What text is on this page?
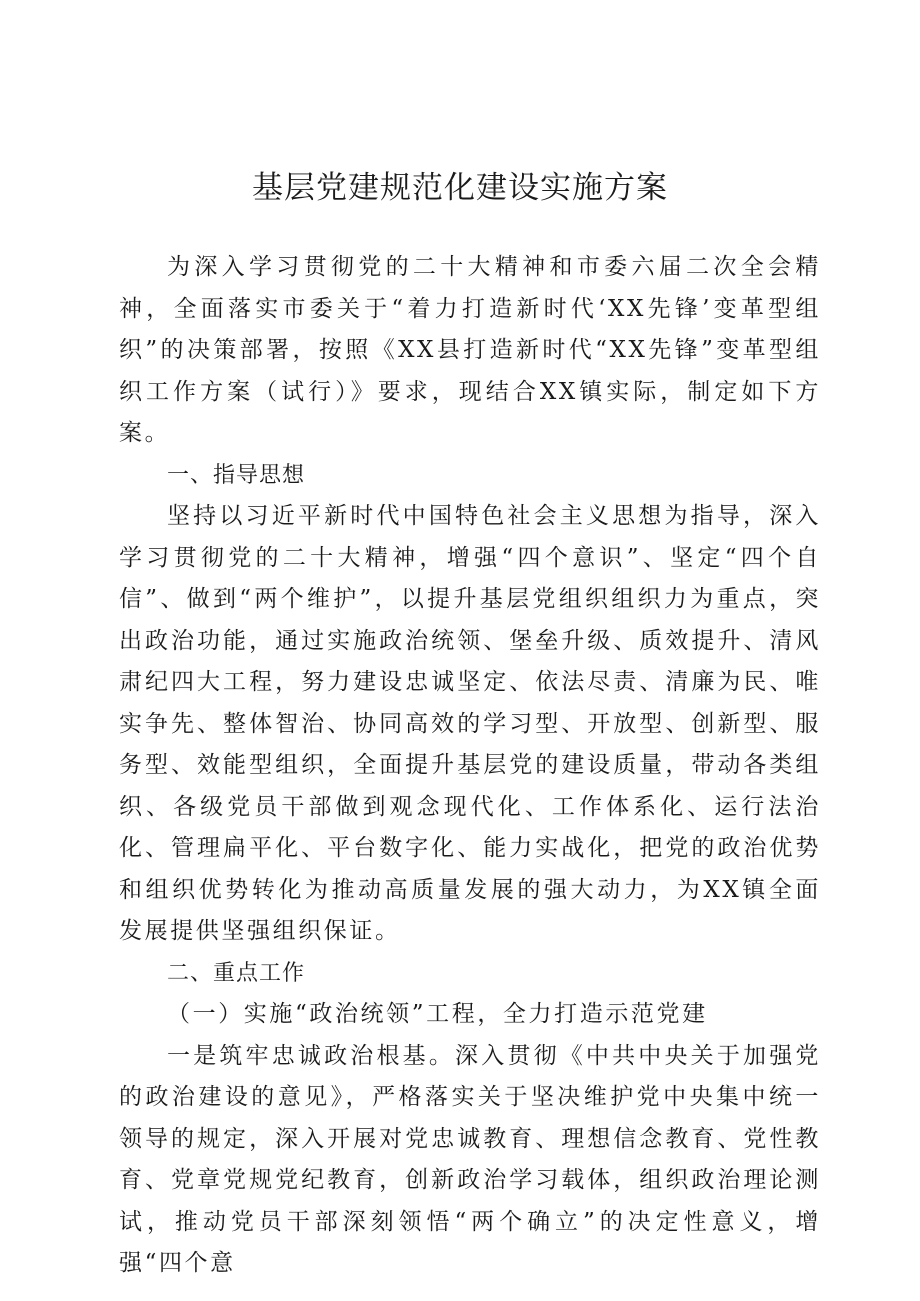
基层党建规范化建设实施方案

为深入学习贯彻党的二十大精神和市委六届二次全会精神，全面落实市委关于“着力打造新时代‘XX先锋’变革型组织”的决策部署，按照《XX县打造新时代“XX先锋”变革型组织工作方案（试行）》要求，现结合XX镇实际，制定如下方案。

一、指导思想

坚持以习近平新时代中国特色社会主义思想为指导，深入学习贯彻党的二十大精神，增强“四个意识”、坚定“四个自信”、做到“两个维护”，以提升基层党组织组织力为重点，突出政治功能，通过实施政治统领、堡垒升级、质效提升、清风肃纪四大工程，努力建设忠诚坚定、依法尽责、清廉为民、唯实争先、整体智治、协同高效的学习型、开放型、创新型、服务型、效能型组织，全面提升基层党的建设质量，带动各类组织、各级党员干部做到观念现代化、工作体系化、运行法治化、管理扁平化、平台数字化、能力实战化，把党的政治优势和组织优势转化为推动高质量发展的强大动力，为XX镇全面发展提供坚强组织保证。

二、重点工作

（一）实施“政治统领”工程，全力打造示范党建

一是筑牢忠诚政治根基。深入贯彻《中共中央关于加强党的政治建设的意见》，严格落实关于坚决维护党中央集中统一领导的规定，深入开展对党忠诚教育、理想信念教育、党性教育、党章党规党纪教育，创新政治学习载体，组织政治理论测试，推动党员干部深刻领悟“两个确立”的决定性意义，增强“四个意
